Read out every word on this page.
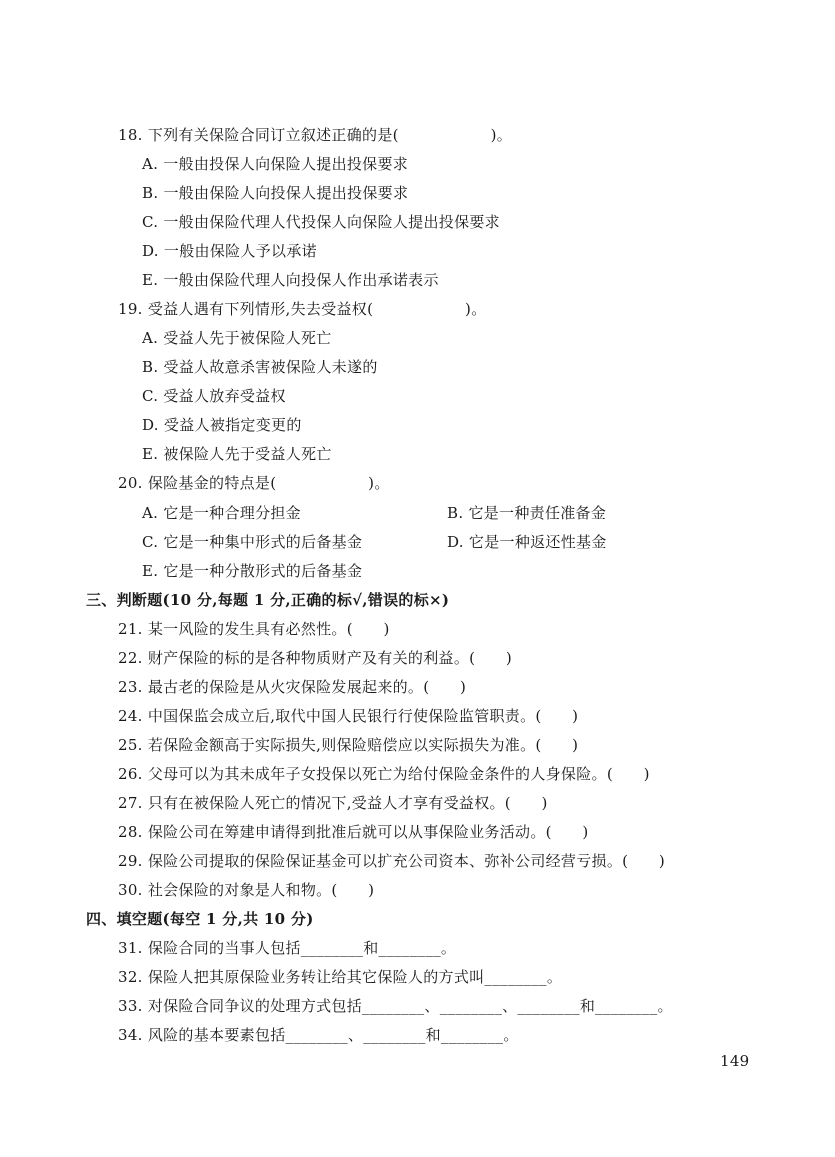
18. 下列有关保险合同订立叙述正确的是(　　　　　　)。
A. 一般由投保人向保险人提出投保要求
B. 一般由保险人向投保人提出投保要求
C. 一般由保险代理人代投保人向保险人提出投保要求
D. 一般由保险人予以承诺
E. 一般由保险代理人向投保人作出承诺表示
19. 受益人遇有下列情形,失去受益权(　　　　　　)。
A. 受益人先于被保险人死亡
B. 受益人故意杀害被保险人未遂的
C. 受益人放弃受益权
D. 受益人被指定变更的
E. 被保险人先于受益人死亡
20. 保险基金的特点是(　　　　　　)。
A. 它是一种合理分担金	B. 它是一种责任准备金
C. 它是一种集中形式的后备基金	D. 它是一种返还性基金
E. 它是一种分散形式的后备基金
三、判断题(10 分,每题 1 分,正确的标√,错误的标×)
21. 某一风险的发生具有必然性。(　　)
22. 财产保险的标的是各种物质财产及有关的利益。(　　)
23. 最古老的保险是从火灾保险发展起来的。(　　)
24. 中国保监会成立后,取代中国人民银行行使保险监管职责。(　　)
25. 若保险金额高于实际损失,则保险赔偿应以实际损失为准。(　　)
26. 父母可以为其未成年子女投保以死亡为给付保险金条件的人身保险。(　　)
27. 只有在被保险人死亡的情况下,受益人才享有受益权。(　　)
28. 保险公司在筹建申请得到批准后就可以从事保险业务活动。(　　)
29. 保险公司提取的保险保证基金可以扩充公司资本、弥补公司经营亏损。(　　)
30. 社会保险的对象是人和物。(　　)
四、填空题(每空 1 分,共 10 分)
31. 保险合同的当事人包括________和________。
32. 保险人把其原保险业务转让给其它保险人的方式叫________。
33. 对保险合同争议的处理方式包括________、________、________和________。
34. 风险的基本要素包括________、________和________。
149
